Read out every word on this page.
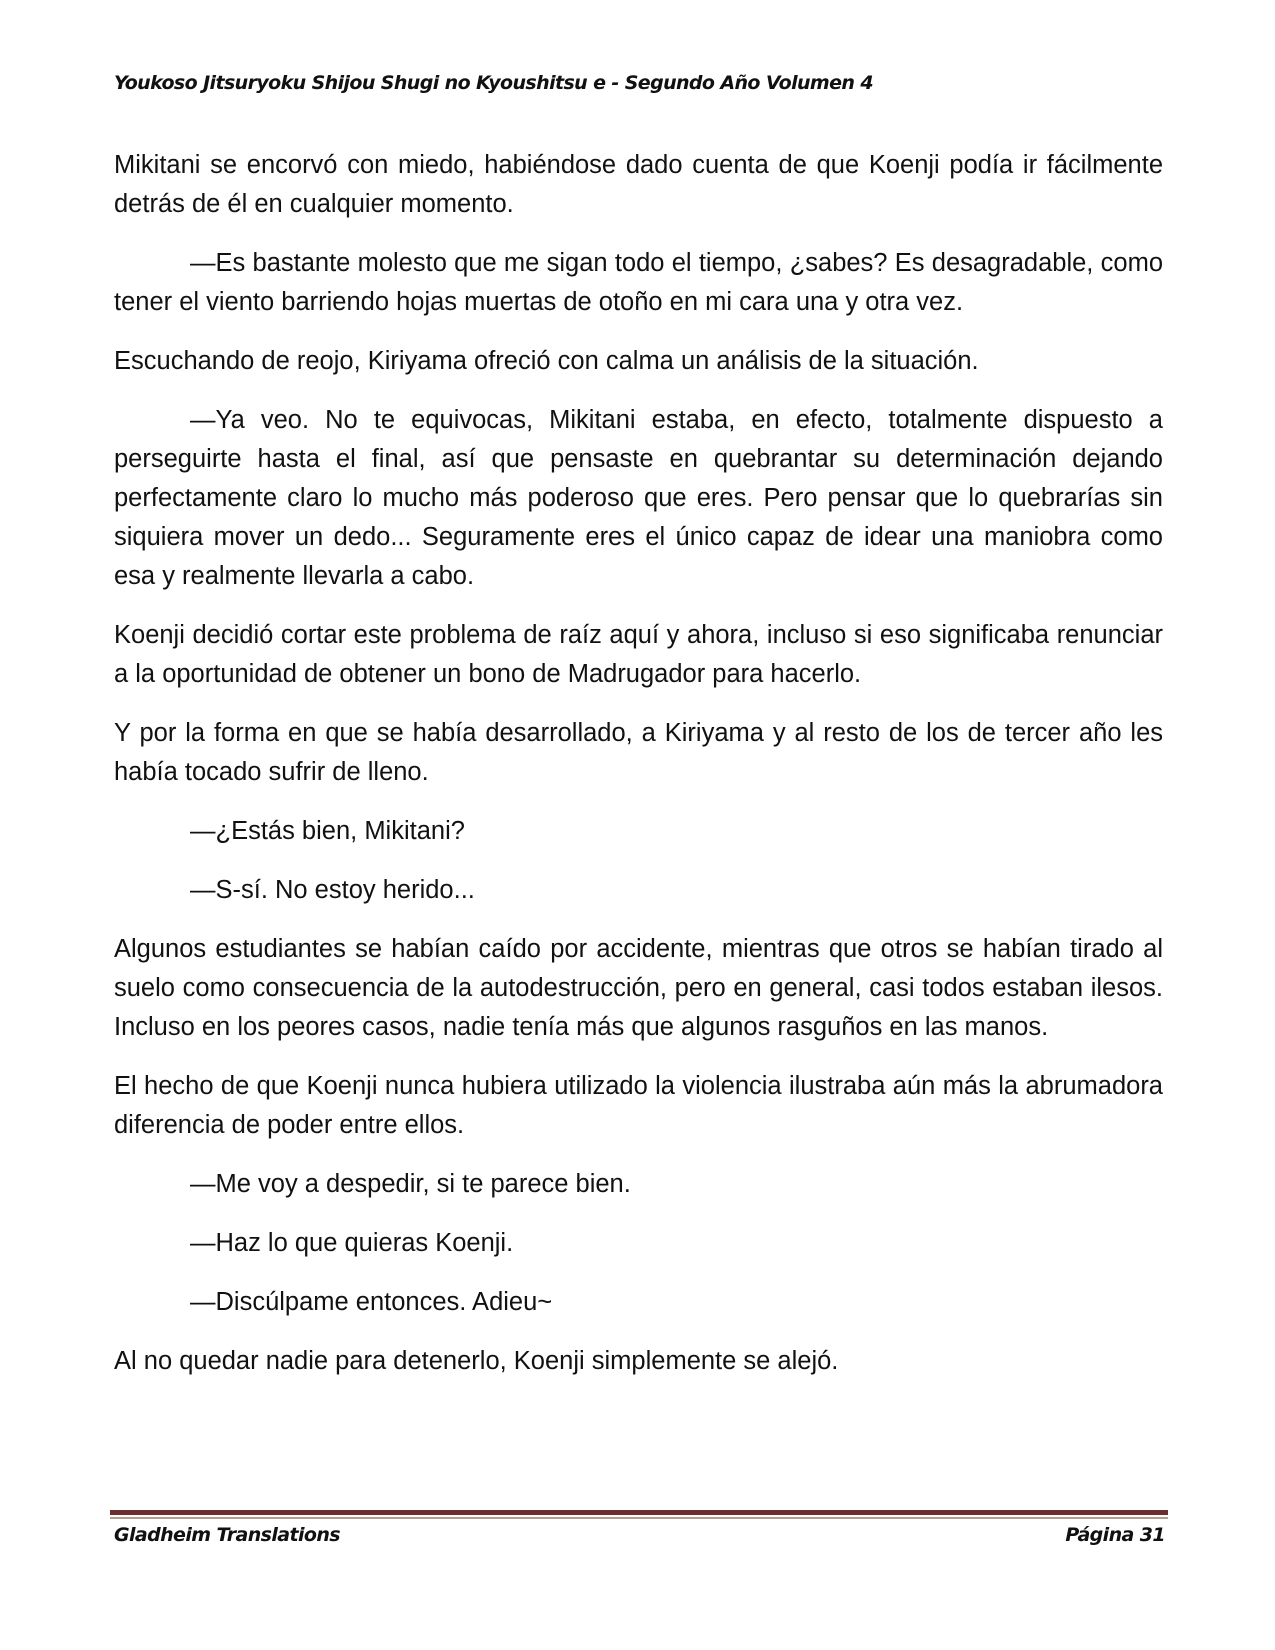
Youkoso Jitsuryoku Shijou Shugi no Kyoushitsu e - Segundo Año Volumen 4

Mikitani se encorvó con miedo, habiéndose dado cuenta de que Koenji podía ir fácilmente detrás de él en cualquier momento.

—Es bastante molesto que me sigan todo el tiempo, ¿sabes? Es desagradable, como tener el viento barriendo hojas muertas de otoño en mi cara una y otra vez.

Escuchando de reojo, Kiriyama ofreció con calma un análisis de la situación.

—Ya veo. No te equivocas, Mikitani estaba, en efecto, totalmente dispuesto a perseguirte hasta el final, así que pensaste en quebrantar su determinación dejando perfectamente claro lo mucho más poderoso que eres. Pero pensar que lo quebrarías sin siquiera mover un dedo... Seguramente eres el único capaz de idear una maniobra como esa y realmente llevarla a cabo.

Koenji decidió cortar este problema de raíz aquí y ahora, incluso si eso significaba renunciar a la oportunidad de obtener un bono de Madrugador para hacerlo.

Y por la forma en que se había desarrollado, a Kiriyama y al resto de los de tercer año les había tocado sufrir de lleno.

—¿Estás bien, Mikitani?

—S-sí. No estoy herido...

Algunos estudiantes se habían caído por accidente, mientras que otros se habían tirado al suelo como consecuencia de la autodestrucción, pero en general, casi todos estaban ilesos. Incluso en los peores casos, nadie tenía más que algunos rasguños en las manos.

El hecho de que Koenji nunca hubiera utilizado la violencia ilustraba aún más la abrumadora diferencia de poder entre ellos.

—Me voy a despedir, si te parece bien.

—Haz lo que quieras Koenji.

—Discúlpame entonces. Adieu~

Al no quedar nadie para detenerlo, Koenji simplemente se alejó.

Gladheim Translations	Página 31
